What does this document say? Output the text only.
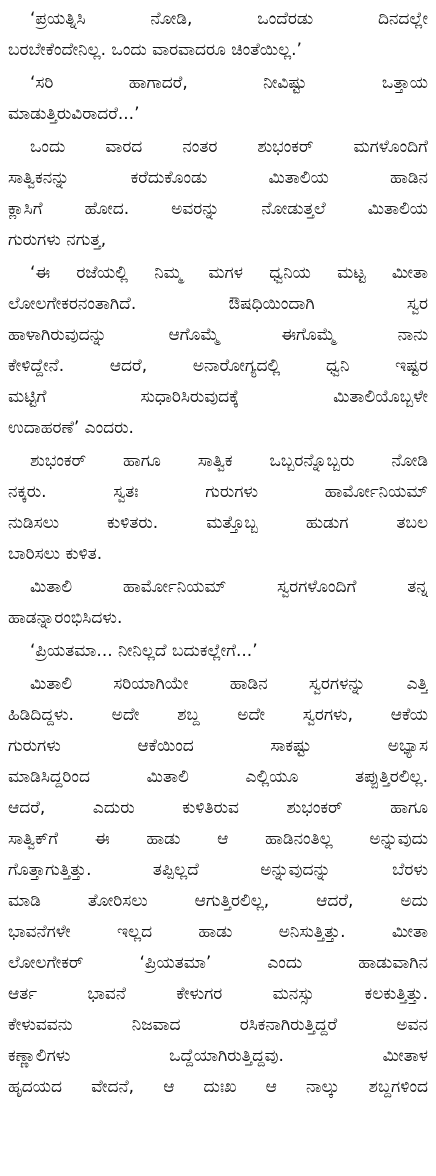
‘ಪ್ರಯತ್ನಿಸಿ ನೋಡಿ, ಒಂದೆರಡು ದಿನದಲ್ಲೇ
ಬರಬೇಕೆಂದೇನಿಲ್ಲ. ಒಂದು ವಾರವಾದರೂ ಚಿಂತೆಯಿಲ್ಲ.’
‘ಸರಿ ಹಾಗಾದರೆ, ನೀವಿಷ್ಟು ಒತ್ತಾಯ
ಮಾಡುತ್ತಿರುವಿರಾದರೆ...’
ಒಂದು ವಾರದ ನಂತರ ಶುಭಂಕರ್ ಮಗಳೊಂದಿಗೆ
ಸಾತ್ವಿಕನನ್ನು ಕರೆದುಕೊಂಡು ಮಿತಾಲಿಯ ಹಾಡಿನ
ಕ್ಲಾಸಿಗೆ ಹೋದ. ಅವರನ್ನು ನೋಡುತ್ತಲೆ ಮಿತಾಲಿಯ
ಗುರುಗಳು ನಗುತ್ತ,
‘ಈ ರಜೆಯಲ್ಲಿ ನಿಮ್ಮ ಮಗಳ ಧ್ವನಿಯ ಮಟ್ಟ ಮೀತಾ
ಲೋಲಗೇಕರನಂತಾಗಿದೆ. ಔಷಧಿಯಿಂದಾಗಿ ಸ್ವರ
ಹಾಳಾಗಿರುವುದನ್ನು ಆಗೊಮ್ಮೆ ಈಗೊಮ್ಮೆ ನಾನು
ಕೇಳಿದ್ದೇನೆ. ಆದರೆ, ಅನಾರೋಗ್ಯದಲ್ಲಿ ಧ್ವನಿ ಇಷ್ಟರ
ಮಟ್ಟಿಗೆ ಸುಧಾರಿಸಿರುವುದಕ್ಕೆ ಮಿತಾಲಿಯೊಬ್ಬಳೇ
ಉದಾಹರಣೆ’ ಎಂದರು.
ಶುಭಂಕರ್ ಹಾಗೂ ಸಾತ್ವಿಕ ಒಬ್ಬರನ್ನೊಬ್ಬರು ನೋಡಿ
ನಕ್ಕರು. ಸ್ವತಃ ಗುರುಗಳು ಹಾರ್ಮೋನಿಯಮ್
ನುಡಿಸಲು ಕುಳಿತರು. ಮತ್ತೊಬ್ಬ ಹುಡುಗ ತಬಲ
ಬಾರಿಸಲು ಕುಳಿತ.
ಮಿತಾಲಿ ಹಾರ್ಮೋನಿಯಮ್ ಸ್ವರಗಳೊಂದಿಗೆ ತನ್ನ
ಹಾಡನ್ನಾರಂಭಿಸಿದಳು.
‘ಪ್ರಿಯತಮಾ... ನೀನಿಲ್ಲದೆ ಬದುಕಲ್ಲೇಗೆ...’
ಮಿತಾಲಿ ಸರಿಯಾಗಿಯೇ ಹಾಡಿನ ಸ್ವರಗಳನ್ನು ಎತ್ತಿ
ಹಿಡಿದಿದ್ದಳು. ಅದೇ ಶಬ್ದ ಅದೇ ಸ್ವರಗಳು, ಆಕೆಯ
ಗುರುಗಳು ಆಕೆಯಿಂದ ಸಾಕಷ್ಟು ಅಭ್ಯಾಸ
ಮಾಡಿಸಿದ್ದರಿಂದ ಮಿತಾಲಿ ಎಲ್ಲಿಯೂ ತಪ್ಪುತ್ತಿರಲಿಲ್ಲ.
ಆದರೆ, ಎದುರು ಕುಳಿತಿರುವ ಶುಭಂಕರ್ ಹಾಗೂ
ಸಾತ್ವಿಕ್‌ಗೆ ಈ ಹಾಡು ಆ ಹಾಡಿನಂತಿಲ್ಲ ಅನ್ನುವುದು
ಗೊತ್ತಾಗುತ್ತಿತ್ತು. ತಪ್ಪಿಲ್ಲದೆ ಅನ್ನುವುದನ್ನು ಬೆರಳು
ಮಾಡಿ ತೋರಿಸಲು ಆಗುತ್ತಿರಲಿಲ್ಲ, ಆದರೆ, ಅದು
ಭಾವನೆಗಳೇ ಇಲ್ಲದ ಹಾಡು ಅನಿಸುತ್ತಿತ್ತು. ಮೀತಾ
ಲೋಲಗೇಕರ್ ‘ಪ್ರಿಯತಮಾ’ ಎಂದು ಹಾಡುವಾಗಿನ
ಆರ್ತ ಭಾವನೆ ಕೇಳುಗರ ಮನಸ್ಸು ಕಲಕುತ್ತಿತ್ತು.
ಕೇಳುವವನು ನಿಜವಾದ ರಸಿಕನಾಗಿರುತ್ತಿದ್ದರೆ ಅವನ
ಕಣ್ಣಾಲಿಗಳು ಒದ್ದೆಯಾಗಿರುತ್ತಿದ್ದವು. ಮೀತಾಳ
ಹೃದಯದ ವೇದನೆ, ಆ ದುಃಖ ಆ ನಾಲ್ಕು ಶಬ್ದಗಳಿಂದ
